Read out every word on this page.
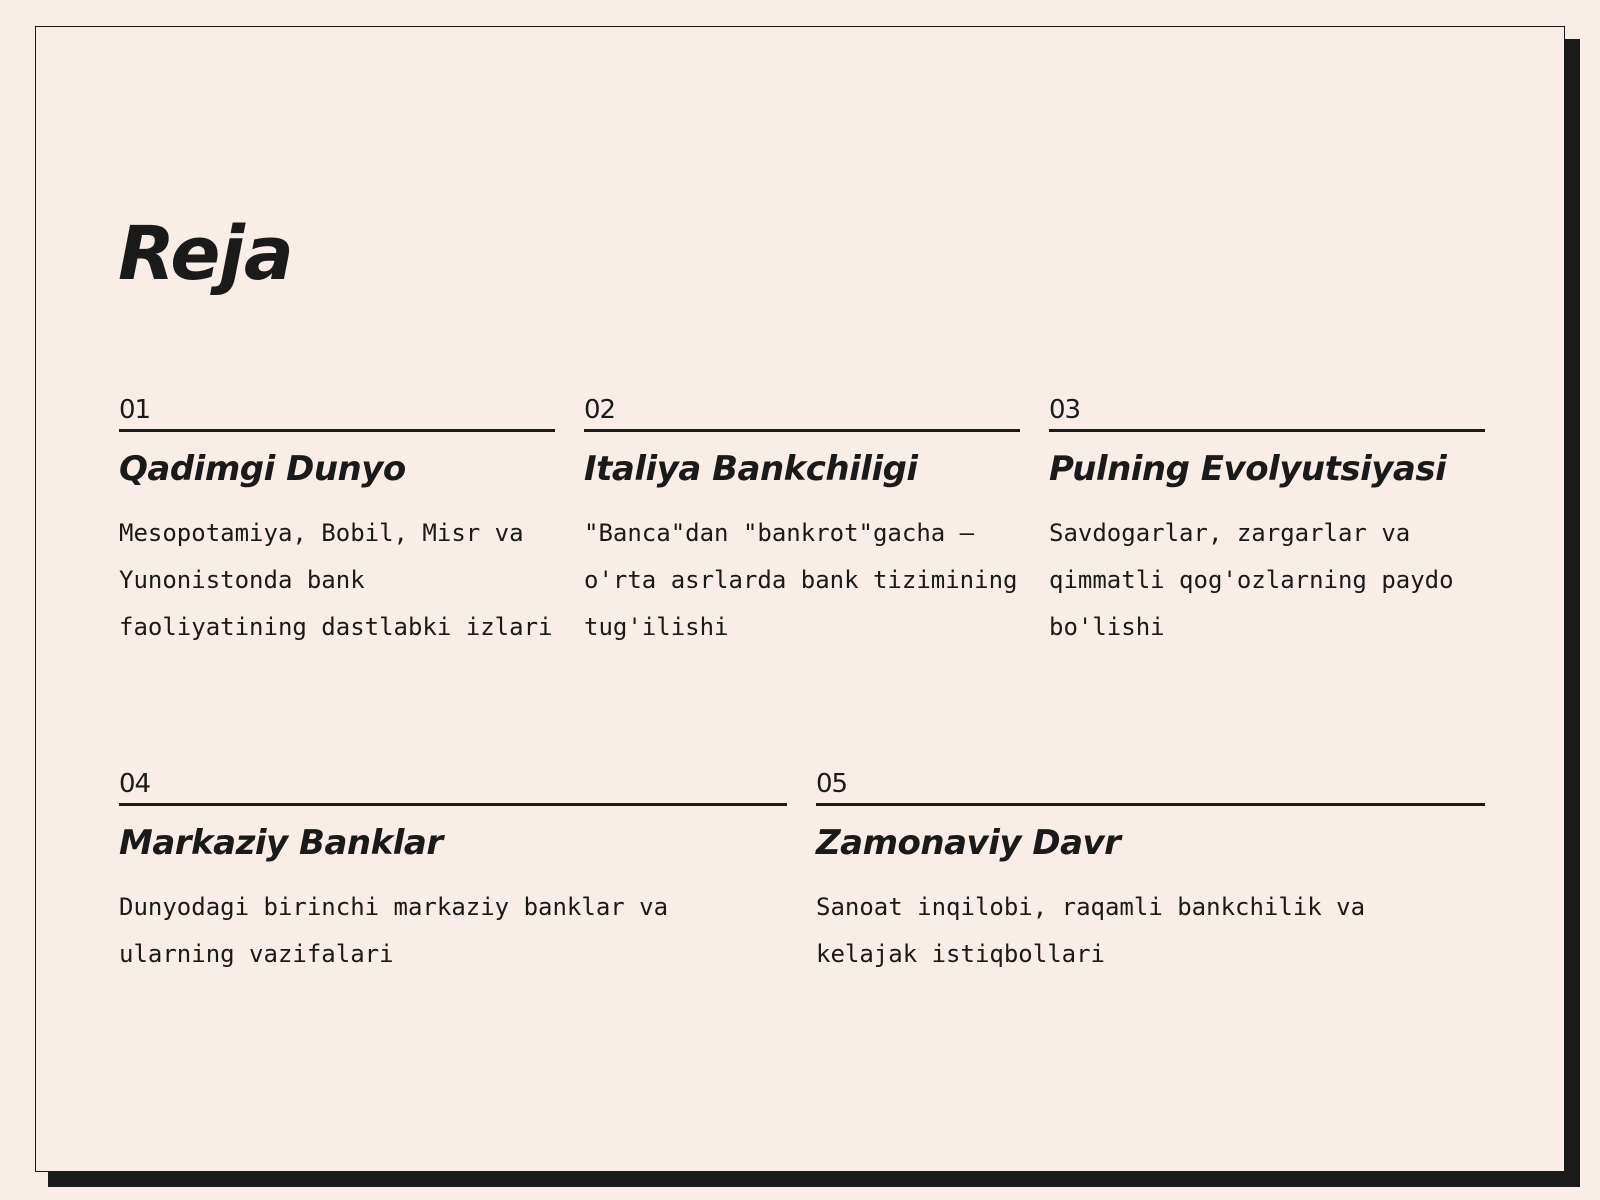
Reja
01
Qadimgi Dunyo
Mesopotamiya, Bobil, Misr va Yunonistonda bank faoliyatining dastlabki izlari
02
Italiya Bankchiligi
"Banca"dan "bankrot"gacha — o'rta asrlarda bank tizimining tug'ilishi
03
Pulning Evolyutsiyasi
Savdogarlar, zargarlar va qimmatli qog'ozlarning paydo bo'lishi
04
Markaziy Banklar
Dunyodagi birinchi markaziy banklar va ularning vazifalari
05
Zamonaviy Davr
Sanoat inqilobi, raqamli bankchilik va kelajak istiqbollari
